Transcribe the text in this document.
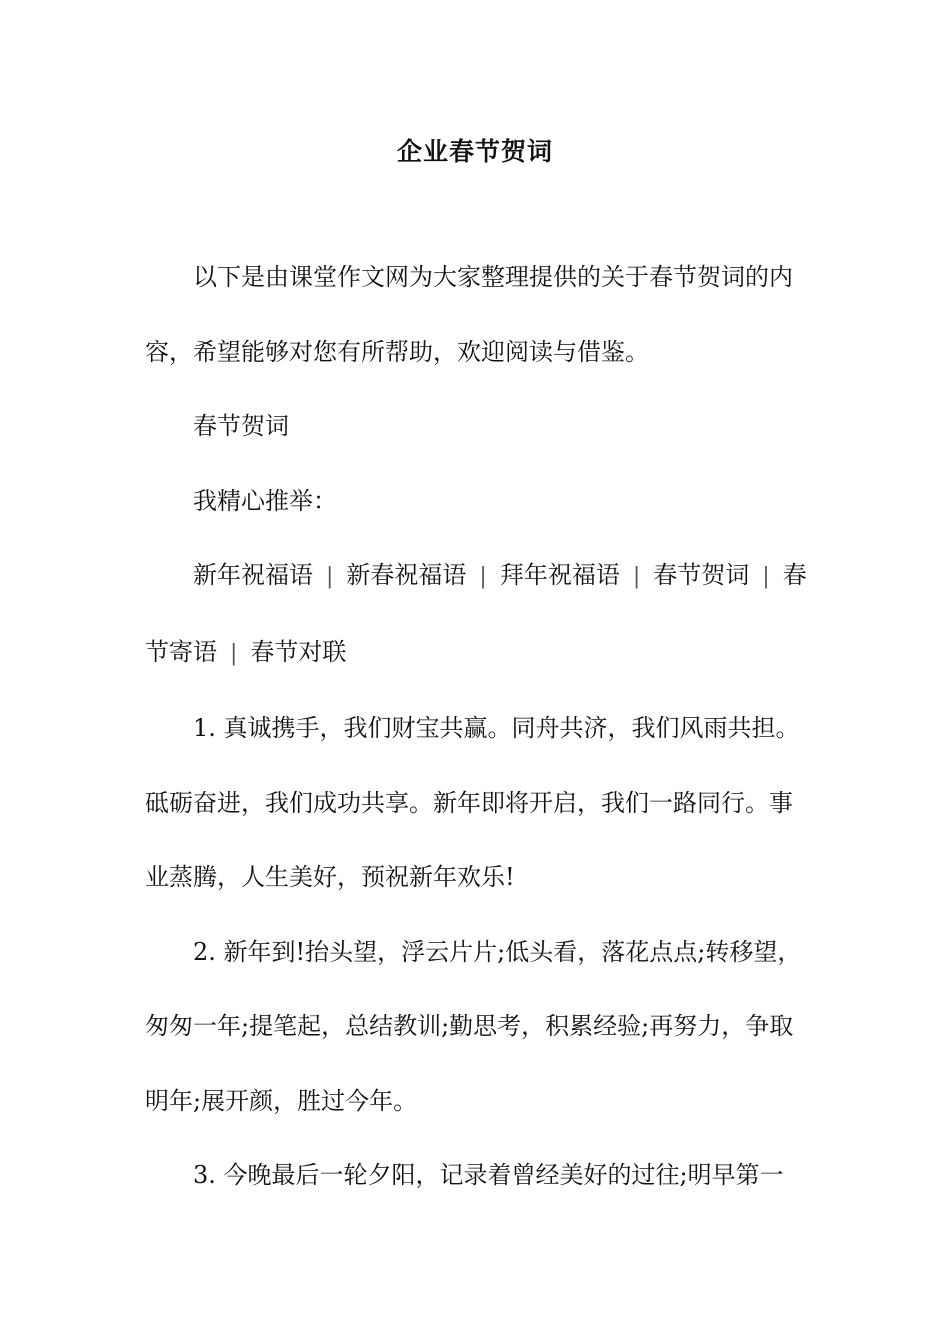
企业春节贺词

以下是由课堂作文网为大家整理提供的关于春节贺词的内容，希望能够对您有所帮助，欢迎阅读与借鉴。

春节贺词

我精心推举：

新年祝福语 | 新春祝福语 | 拜年祝福语 | 春节贺词 | 春节寄语 | 春节对联

1. 真诚携手，我们财宝共赢。同舟共济，我们风雨共担。砥砺奋进，我们成功共享。新年即将开启，我们一路同行。事业蒸腾，人生美好，预祝新年欢乐!

2. 新年到!抬头望，浮云片片;低头看，落花点点;转移望，匆匆一年;提笔起，总结教训;勤思考，积累经验;再努力，争取明年;展开颜，胜过今年。

3. 今晚最后一轮夕阳，记录着曾经美好的过往;明早第一
